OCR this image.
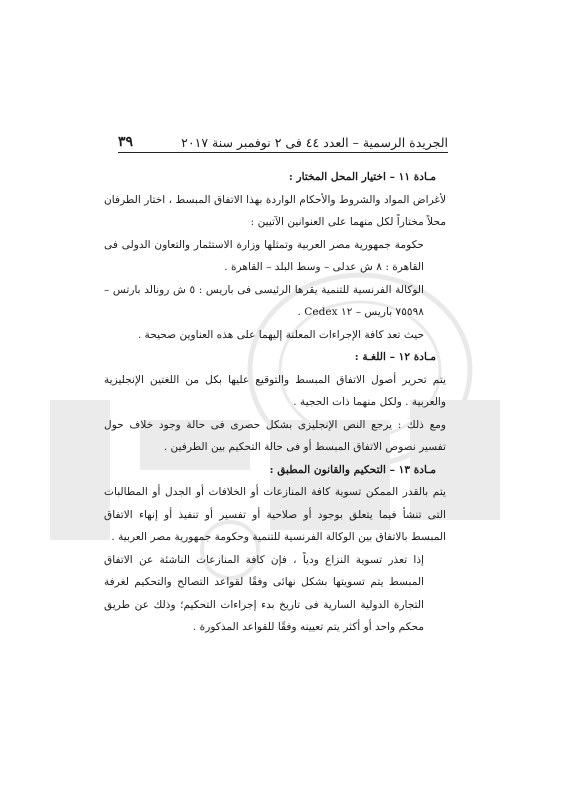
الجريدة الرسمية – العدد ٤٤ فى ٢ نوفمبر سنة ٢٠١٧
٣٩

مـادة ١١ – اختيار المحل المختار :

لأغراض المواد والشروط والأحكام الواردة بهذا الاتفاق المبسط ، اختار الطرفان محلاً مختاراً لكل منهما على العنوانين الآتيين :

حكومة جمهورية مصر العربية وتمثلها وزارة الاستثمار والتعاون الدولى فى القاهرة : ٨ ش عدلى – وسط البلد – القاهرة .

الوكالة الفرنسية للتنمية يقرها الرئيسى فى باريس : ٥ ش رونالد بارتس – ٧٥٥٩٨ باريس – ١٢ Cedex .

حيث تعد كافة الإجراءات المعلنة إليهما على هذه العناوين صحيحة .

مـادة ١٢ – اللغـة :

يتم تحرير أصول الاتفاق المبسط والتوقيع عليها بكل من اللغتين الإنجليزية والعربية . ولكل منهما ذات الحجية .

ومع ذلك : يرجع النص الإنجليزى بشكل حصرى فى حالة وجود خلاف حول تفسير نصوص الاتفاق المبسط أو فى حالة التحكيم بين الطرفين .

مـادة ١٣ – التحكيم والقانون المطبق :

يتم بالقدر الممكن تسوية كافة المنازعات أو الخلافات أو الجدل أو المطالبات التى تنشأ فيما يتعلق بوجود أو صلاحية أو تفسير أو تنفيذ أو إنهاء الاتفاق المبسط بالاتفاق بين الوكالة الفرنسية للتنمية وحكومة جمهورية مصر العربية .

إذا تعذر تسوية النزاع ودياً ، فإن كافة المنازعات الناشئة عن الاتفاق المبسط يتم تسويتها بشكل نهائى وفقًا لقواعد التصالح والتحكيم لغرفة التجارة الدولية السارية فى تاريخ بدء إجراءات التحكيم؛ وذلك عن طريق محكم واحد أو أكثر يتم تعيينه وفقًا للقواعد المذكورة .
